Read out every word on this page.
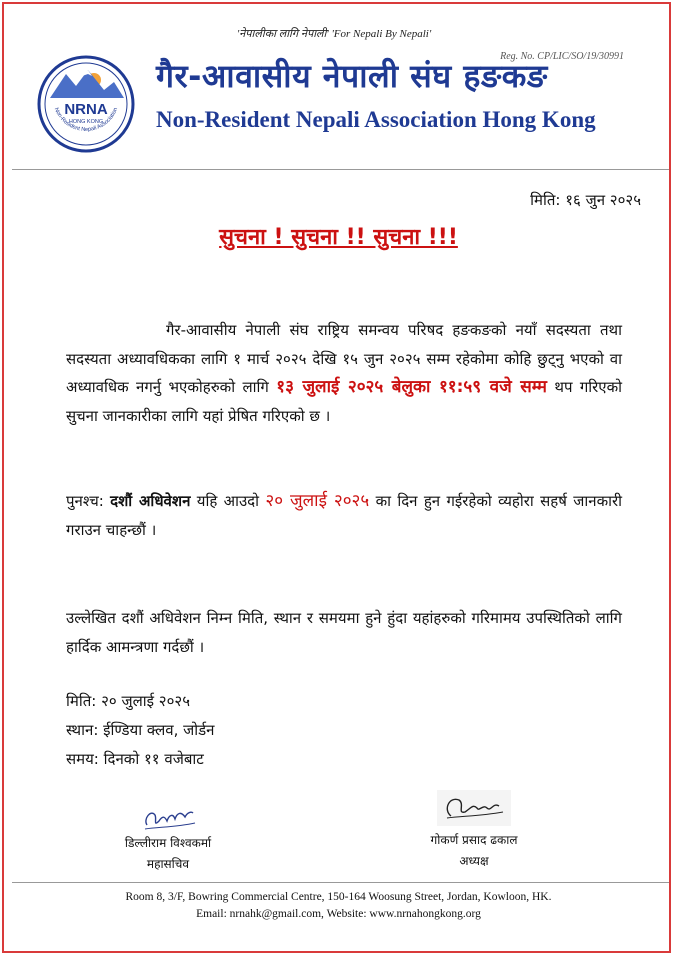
'नेपालीका लागि नेपाली' 'For Nepali By Nepali'
NRNA
HONG KONG
Non-Resident Nepali Association
Reg. No. CP/LIC/SO/19/30991
गैर-आवासीय नेपाली संघ हङकङ
Non-Resident Nepali Association Hong Kong
मिति: १६ जुन २०२५
सुचना ! सुचना !! सुचना !!!
गैर-आवासीय नेपाली संघ राष्ट्रिय समन्वय परिषद हङकङको नयाँ सदस्यता तथा सदस्यता अध्यावधिकका लागि १ मार्च २०२५ देखि १५ जुन २०२५ सम्म रहेकोमा कोहि छुट्नु भएको वा अध्यावधिक नगर्नु भएकोहरुको लागि १३ जुलाई २०२५ बेलुका ११:५९ वजे सम्म थप गरिएको सुचना जानकारीका लागि यहां प्रेषित गरिएको छ ।
पुनश्च: दशौं अधिवेशन यहि आउदो २० जुलाई २०२५ का दिन हुन गईरहेको व्यहोरा सहर्ष जानकारी गराउन चाहन्छौं ।
उल्लेखित दशौं अधिवेशन निम्न मिति, स्थान र समयमा हुने हुंदा यहांहरुको गरिमामय उपस्थितिको लागि हार्दिक आमन्त्रणा गर्दछौं ।
मिति: २० जुलाई २०२५
स्थान: ईण्डिया क्लव, जोर्डन
समय: दिनको ११ वजेबाट
डिल्लीराम विश्वकर्मा
महासचिव
गोकर्ण प्रसाद ढकाल
अध्यक्ष
Room 8, 3/F, Bowring Commercial Centre, 150-164 Woosung Street, Jordan, Kowloon, HK.
Email: nrnahk@gmail.com, Website: www.nrnahongkong.org
